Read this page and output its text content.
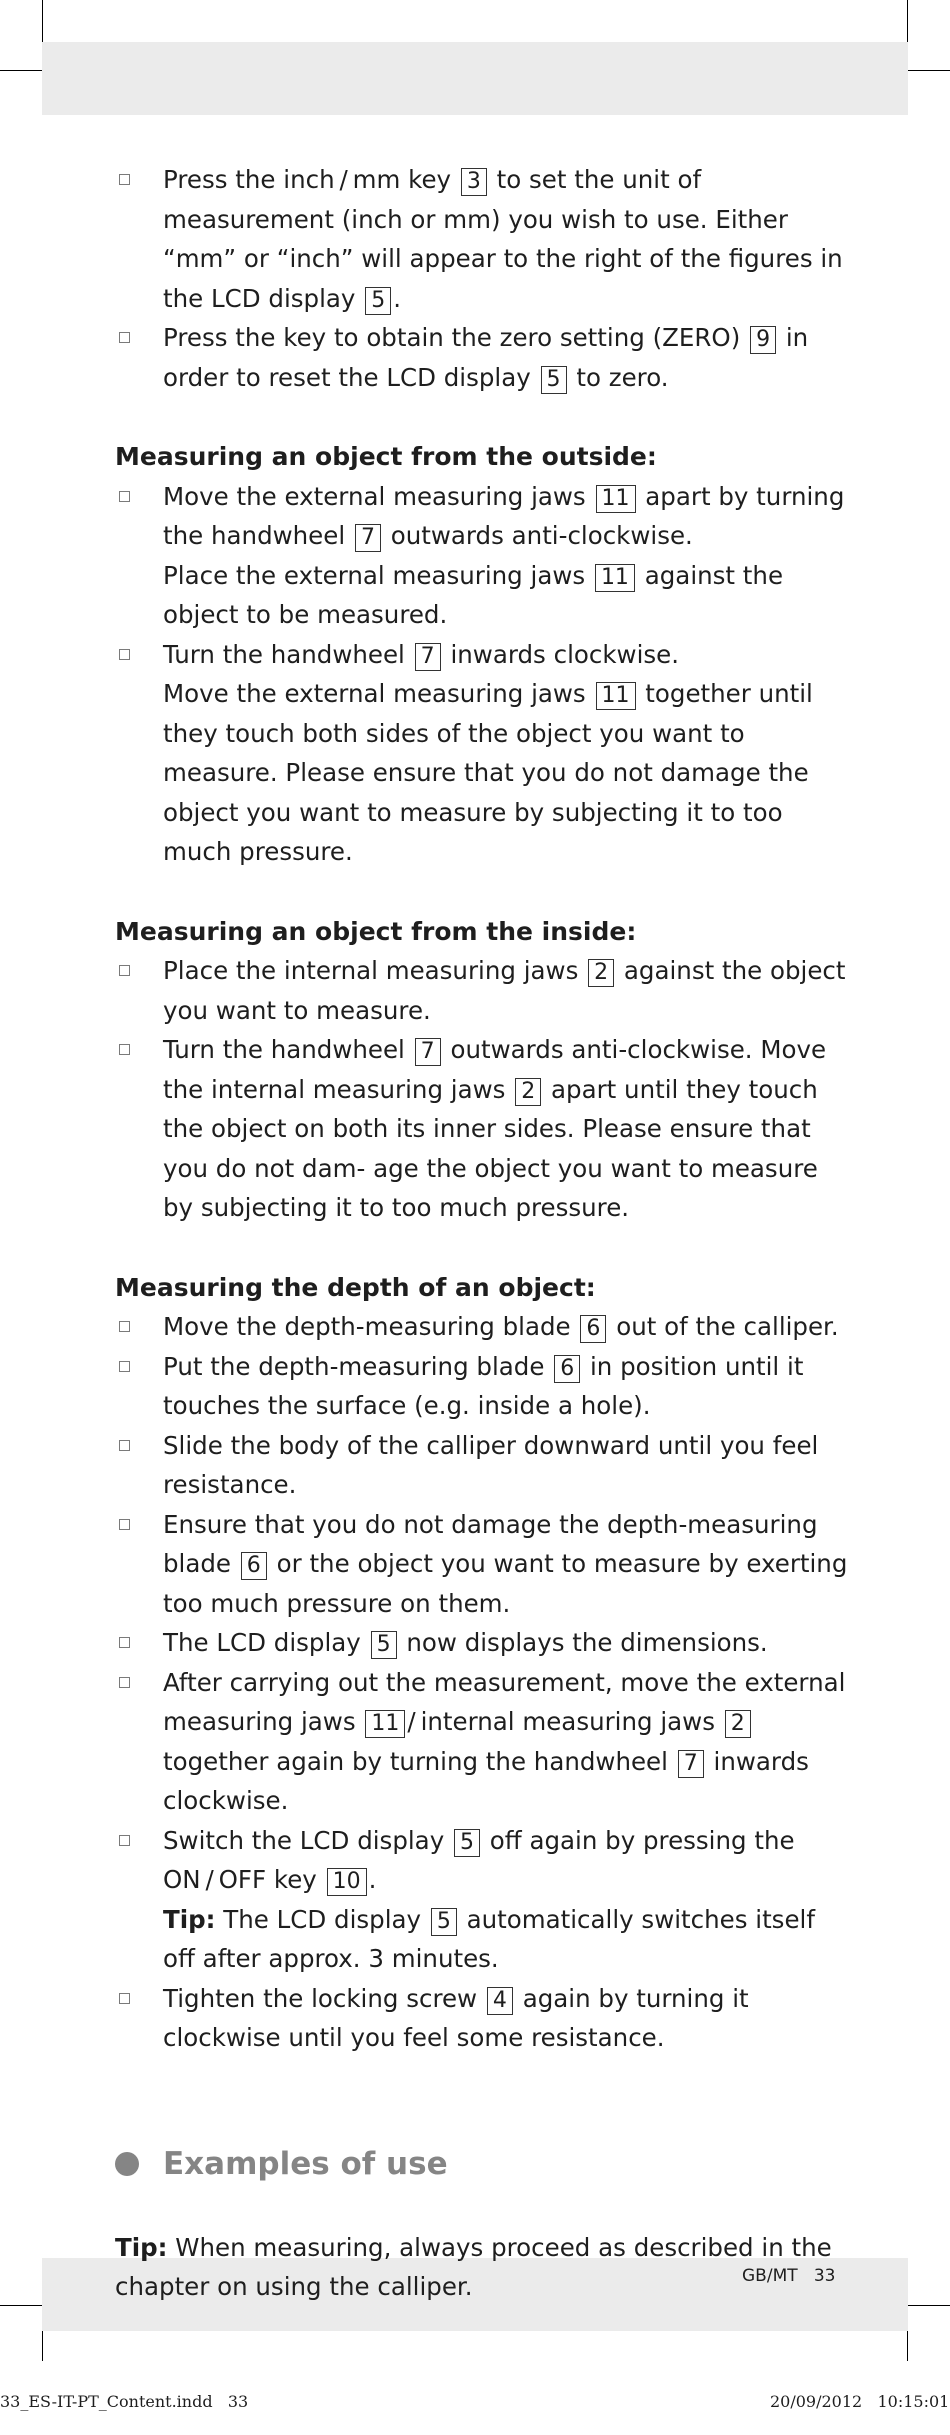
Press the inch / mm key 3 to set the unit of measurement (inch or mm) you wish to use. Either “mm” or “inch” will appear to the right of the figures in the LCD display 5 .
Press the key to obtain the zero setting (ZERO) 9 in order to reset the LCD display 5 to zero.
Measuring an object from the outside:
Move the external measuring jaws 11 apart by turning the handwheel 7 outwards anti-clockwise.
Place the external measuring jaws 11 against the object to be measured.
Turn the handwheel 7 inwards clockwise.
Move the external measuring jaws 11 together until they touch both sides of the object you want to measure. Please ensure that you do not damage the object you want to measure by subjecting it to too much pressure.
Measuring an object from the inside:
Place the internal measuring jaws 2 against the object you want to measure.
Turn the handwheel 7 outwards anti-clockwise. Move the internal measuring jaws 2 apart until they touch the object on both its inner sides. Please ensure that you do not dam- age the object you want to measure by subjecting it to too much pressure.
Measuring the depth of an object:
Move the depth-measuring blade 6 out of the calliper.
Put the depth-measuring blade 6 in position until it touches the surface (e.g. inside a hole).
Slide the body of the calliper downward until you feel resistance.
Ensure that you do not damage the depth-measuring blade 6 or the object you want to measure by exerting too much pressure on them.
The LCD display 5 now displays the dimensions.
After carrying out the measurement, move the external measuring jaws 11 / internal measuring jaws 2 together again by turning the handwheel 7 inwards clockwise.
Switch the LCD display 5 off again by pressing the ON / OFF key 10 .
Tip: The LCD display 5 automatically switches itself off after approx. 3 minutes.
Tighten the locking screw 4 again by turning it clockwise until you feel some resistance.
Examples of use
Tip: When measuring, always proceed as described in the chapter on using the calliper.	GB/MT   33
33_ES-IT-PT_Content.indd   33	20/09/2012   10:15:01
